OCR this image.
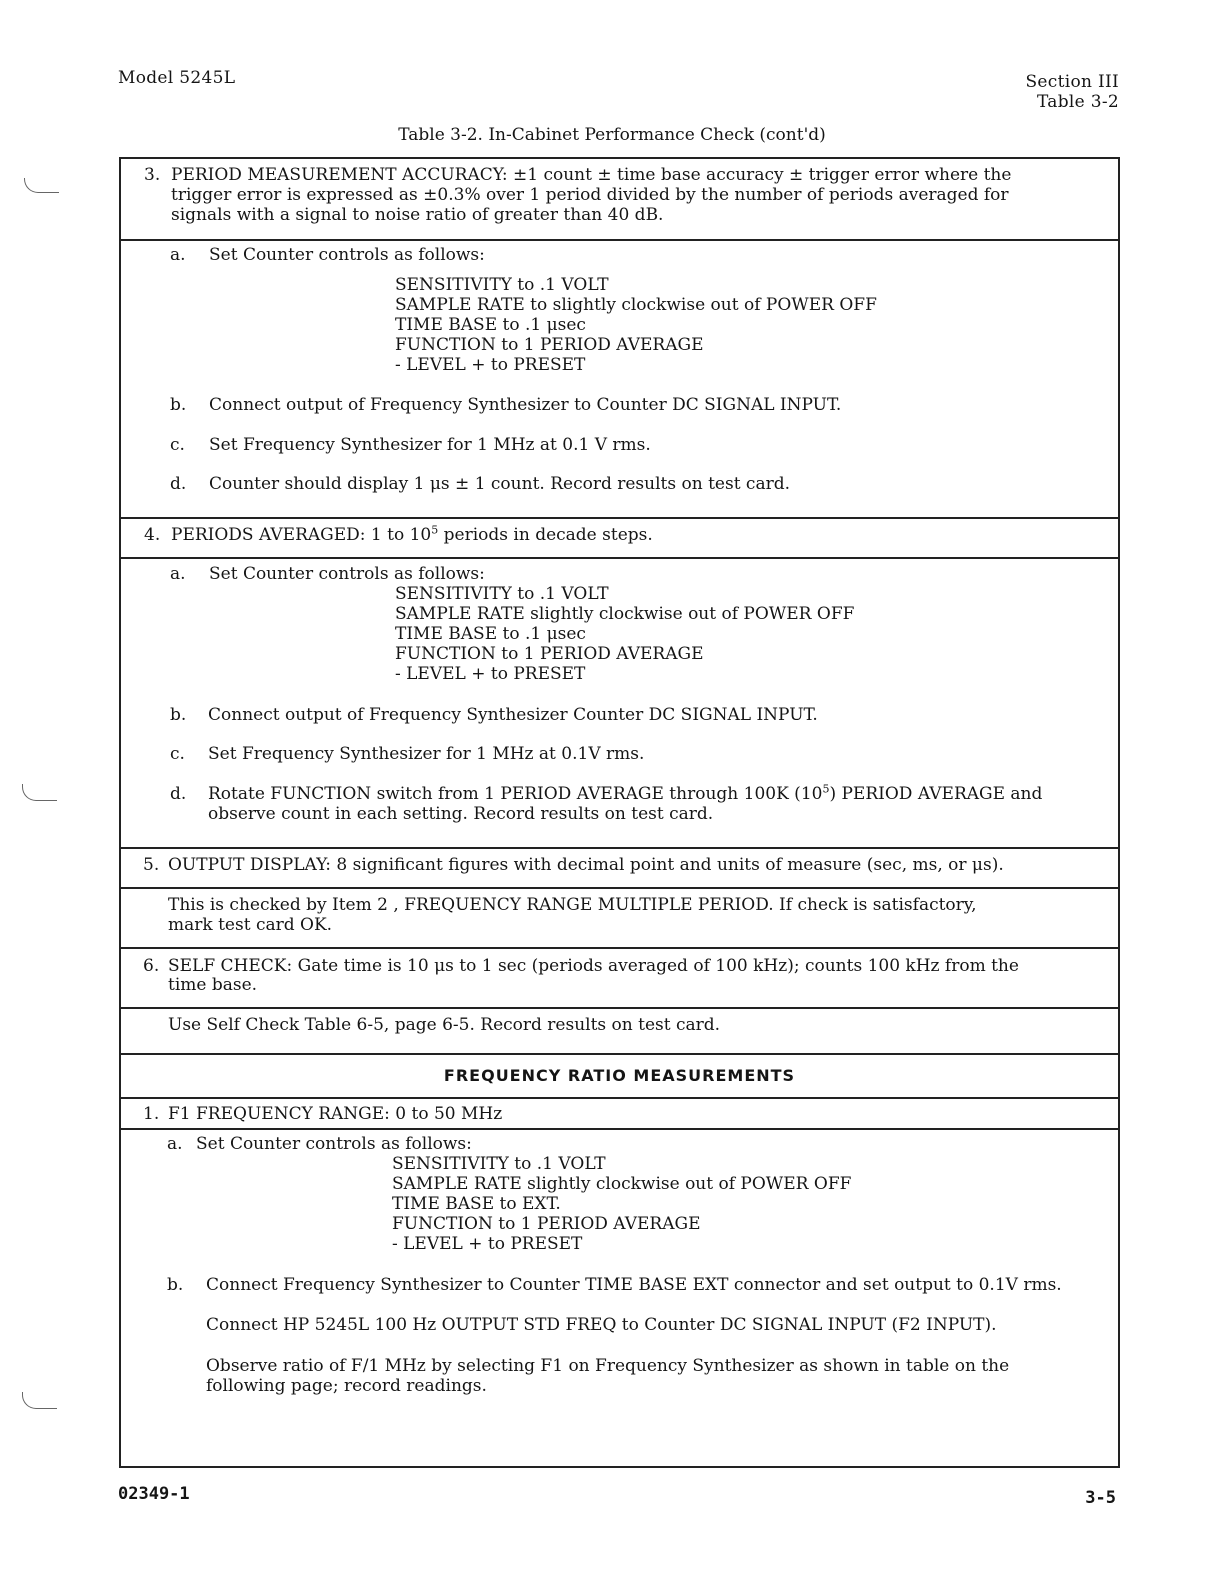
Model 5245L	Section III
Table 3-2
Table 3-2. In-Cabinet Performance Check (cont'd)
3. PERIOD MEASUREMENT ACCURACY: ±1 count ± time base accuracy ± trigger error where the
trigger error is expressed as ±0.3% over 1 period divided by the number of periods averaged for
signals with a signal to noise ratio of greater than 40 dB.
a. Set Counter controls as follows:
SENSITIVITY to .1 VOLT
SAMPLE RATE to slightly clockwise out of POWER OFF
TIME BASE to .1 μsec
FUNCTION to 1 PERIOD AVERAGE
- LEVEL + to PRESET
b. Connect output of Frequency Synthesizer to Counter DC SIGNAL INPUT.
c. Set Frequency Synthesizer for 1 MHz at 0.1 V rms.
d. Counter should display 1 μs ± 1 count. Record results on test card.
4. PERIODS AVERAGED: 1 to $10^5$ periods in decade steps.
a. Set Counter controls as follows:
SENSITIVITY to .1 VOLT
SAMPLE RATE slightly clockwise out of POWER OFF
TIME BASE to .1 μsec
FUNCTION to 1 PERIOD AVERAGE
- LEVEL + to PRESET
b. Connect output of Frequency Synthesizer Counter DC SIGNAL INPUT.
c. Set Frequency Synthesizer for 1 MHz at 0.1V rms.
d. Rotate FUNCTION switch from 1 PERIOD AVERAGE through 100K $(10^5)$ PERIOD AVERAGE and
observe count in each setting. Record results on test card.
5. OUTPUT DISPLAY: 8 significant figures with decimal point and units of measure (sec, ms, or μs).
This is checked by Item 2 , FREQUENCY RANGE MULTIPLE PERIOD. If check is satisfactory,
mark test card OK.
6. SELF CHECK: Gate time is 10 μs to 1 sec (periods averaged of 100 kHz); counts 100 kHz from the
time base.
Use Self Check Table 6-5, page 6-5. Record results on test card.
FREQUENCY RATIO MEASUREMENTS
1. F1 FREQUENCY RANGE: 0 to 50 MHz
a. Set Counter controls as follows:
SENSITIVITY to .1 VOLT
SAMPLE RATE slightly clockwise out of POWER OFF
TIME BASE to EXT.
FUNCTION to 1 PERIOD AVERAGE
- LEVEL + to PRESET
b. Connect Frequency Synthesizer to Counter TIME BASE EXT connector and set output to 0.1V rms.
Connect HP 5245L 100 Hz OUTPUT STD FREQ to Counter DC SIGNAL INPUT (F2 INPUT).
Observe ratio of F/1 MHz by selecting F1 on Frequency Synthesizer as shown in table on the
following page; record readings.
02349-1	3-5
